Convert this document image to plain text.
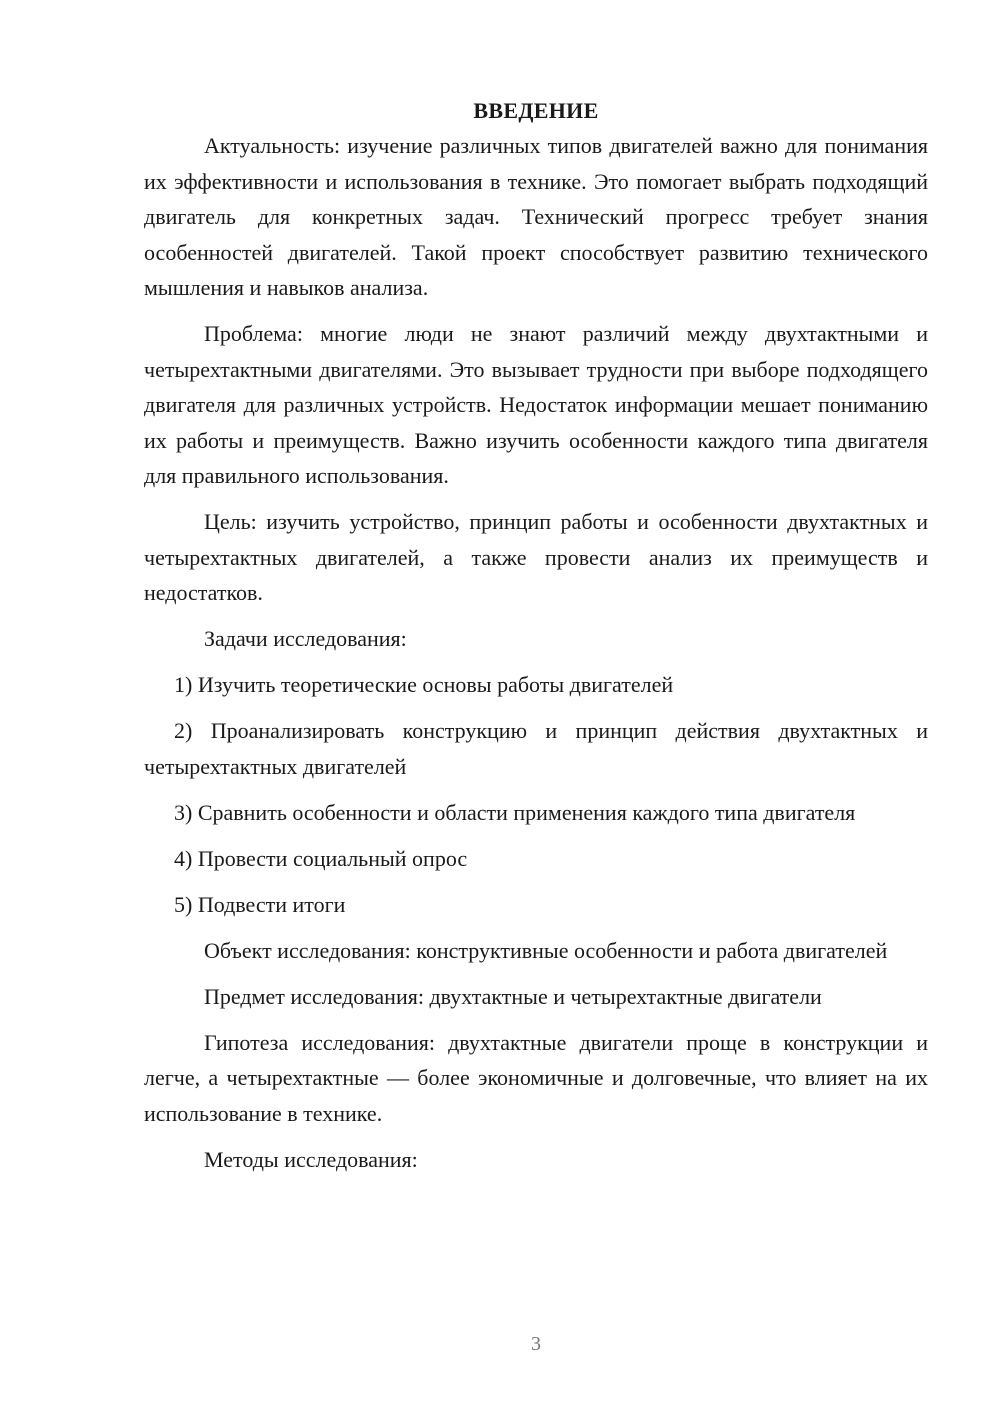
ВВЕДЕНИЕ

Актуальность: изучение различных типов двигателей важно для понимания их эффективности и использования в технике. Это помогает выбрать подходящий двигатель для конкретных задач. Технический прогресс требует знания особенностей двигателей. Такой проект способствует развитию технического мышления и навыков анализа.

Проблема: многие люди не знают различий между двухтактными и четырехтактными двигателями. Это вызывает трудности при выборе подходящего двигателя для различных устройств. Недостаток информации мешает пониманию их работы и преимуществ. Важно изучить особенности каждого типа двигателя для правильного использования.

Цель: изучить устройство, принцип работы и особенности двухтактных и четырехтактных двигателей, а также провести анализ их преимуществ и недостатков.

Задачи исследования:

1) Изучить теоретические основы работы двигателей

2) Проанализировать конструкцию и принцип действия двухтактных и четырехтактных двигателей

3) Сравнить особенности и области применения каждого типа двигателя

4) Провести социальный опрос

5) Подвести итоги

Объект исследования: конструктивные особенности и работа двигателей

Предмет исследования: двухтактные и четырехтактные двигатели

Гипотеза исследования: двухтактные двигатели проще в конструкции и легче, а четырехтактные — более экономичные и долговечные, что влияет на их использование в технике.

Методы исследования:

3
